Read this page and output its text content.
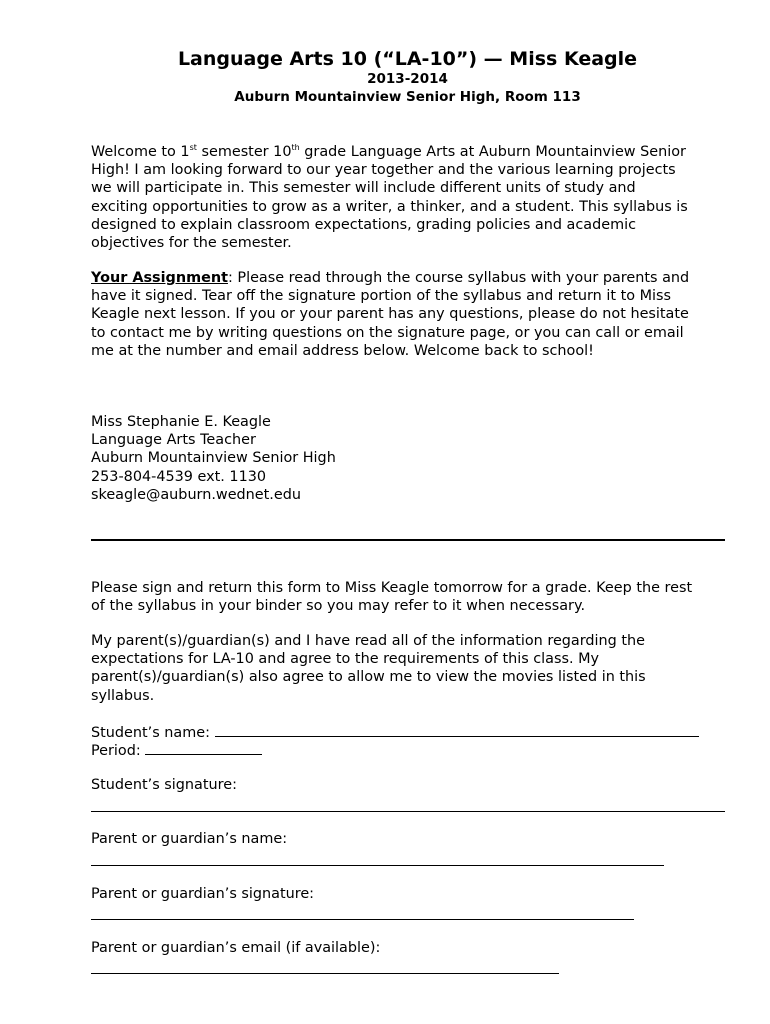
Language Arts 10 (“LA-10”) — Miss Keagle
2013-2014
Auburn Mountainview Senior High, Room 113
Welcome to 1st semester 10th grade Language Arts at Auburn Mountainview Senior
High! I am looking forward to our year together and the various learning projects
we will participate in. This semester will include different units of study and
exciting opportunities to grow as a writer, a thinker, and a student. This syllabus is
designed to explain classroom expectations, grading policies and academic
objectives for the semester.
Your Assignment: Please read through the course syllabus with your parents and
have it signed. Tear off the signature portion of the syllabus and return it to Miss
Keagle next lesson. If you or your parent has any questions, please do not hesitate
to contact me by writing questions on the signature page, or you can call or email
me at the number and email address below. Welcome back to school!
Miss Stephanie E. Keagle
Language Arts Teacher
Auburn Mountainview Senior High
253-804-4539 ext. 1130
skeagle@auburn.wednet.edu
Please sign and return this form to Miss Keagle tomorrow for a grade. Keep the rest
of the syllabus in your binder so you may refer to it when necessary.
My parent(s)/guardian(s) and I have read all of the information regarding the
expectations for LA-10 and agree to the requirements of this class. My
parent(s)/guardian(s) also agree to allow me to view the movies listed in this
syllabus.
Student’s name:
Period:
Student’s signature:
Parent or guardian’s name:
Parent or guardian’s signature:
Parent or guardian’s email (if available):
